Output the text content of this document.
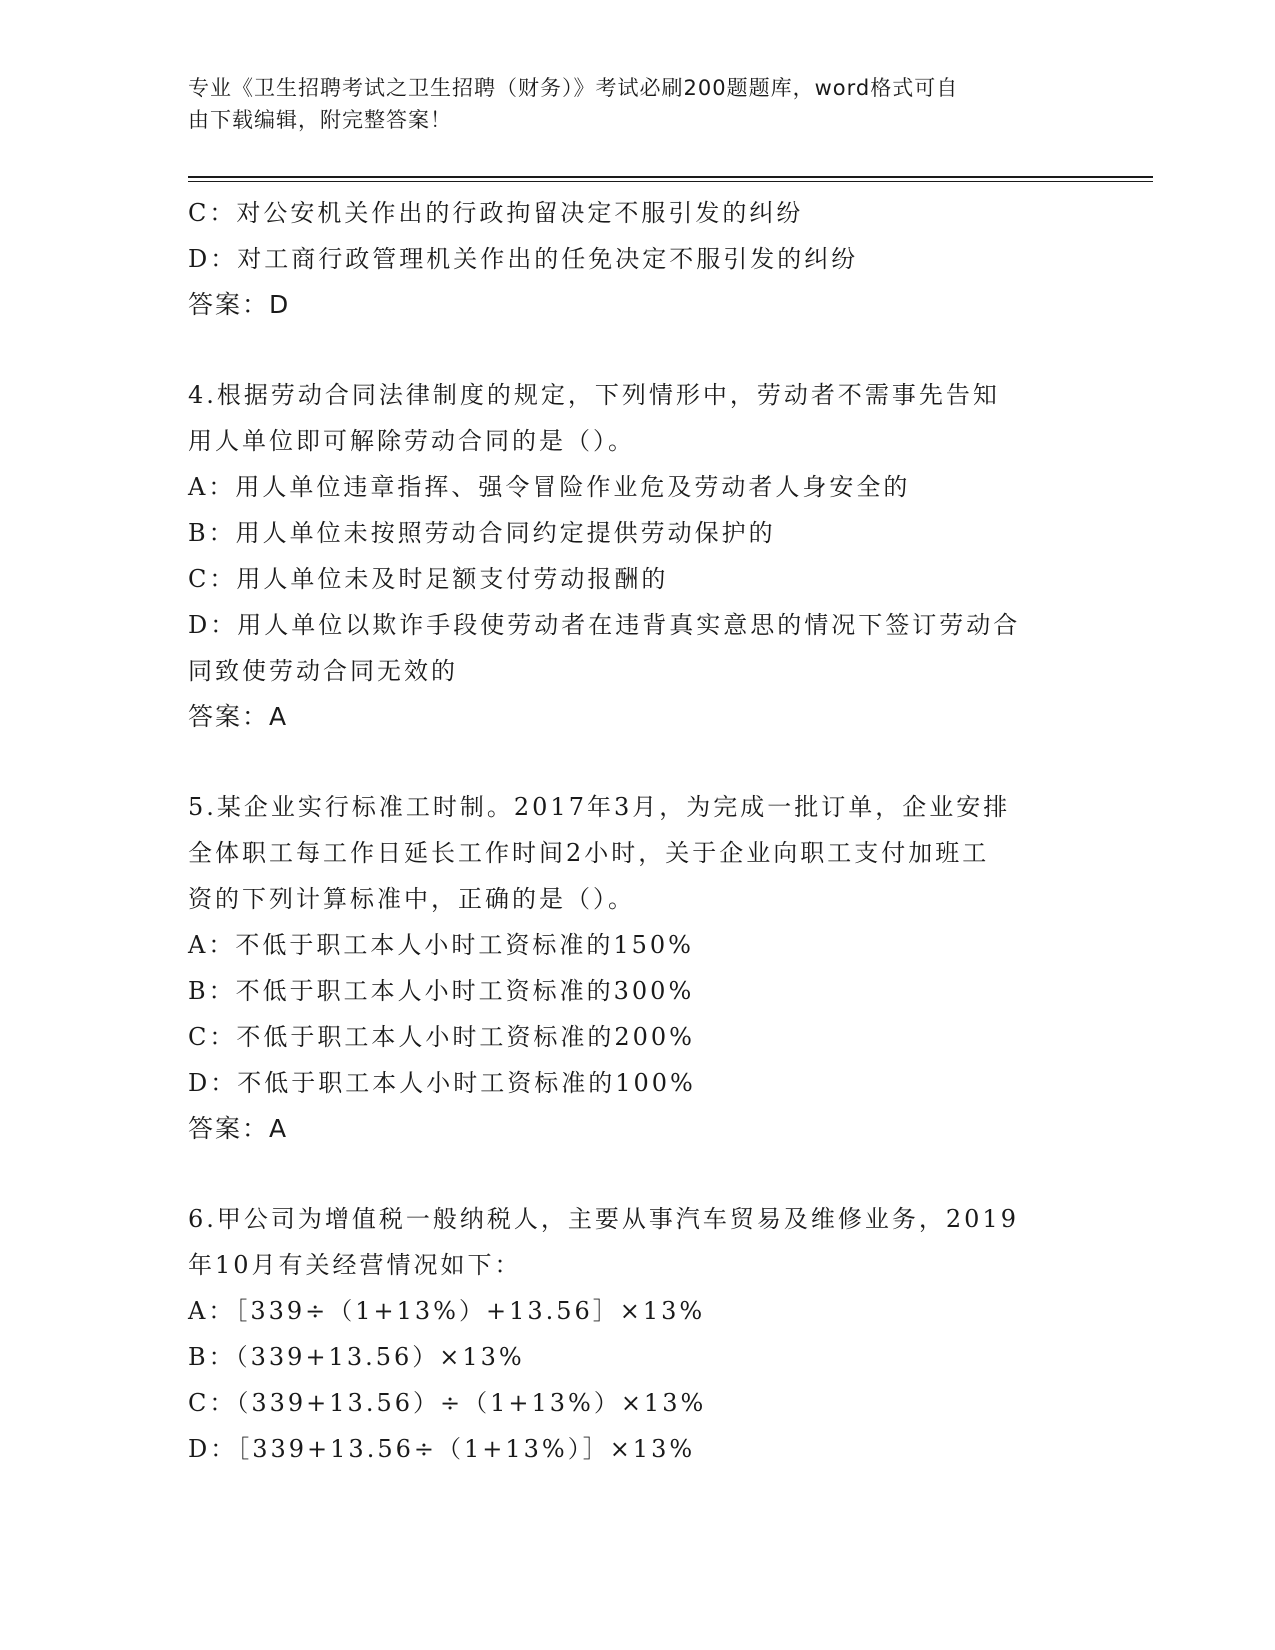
专业《卫生招聘考试之卫生招聘（财务）》考试必刷200题题库，word格式可自
由下载编辑，附完整答案！
C：对公安机关作出的行政拘留决定不服引发的纠纷
D：对工商行政管理机关作出的任免决定不服引发的纠纷
答案：D
4.根据劳动合同法律制度的规定，下列情形中，劳动者不需事先告知
用人单位即可解除劳动合同的是（）。
A：用人单位违章指挥、强令冒险作业危及劳动者人身安全的
B：用人单位未按照劳动合同约定提供劳动保护的
C：用人单位未及时足额支付劳动报酬的
D：用人单位以欺诈手段使劳动者在违背真实意思的情况下签订劳动合
同致使劳动合同无效的
答案：A
5.某企业实行标准工时制。2017年3月，为完成一批订单，企业安排
全体职工每工作日延长工作时间2小时，关于企业向职工支付加班工
资的下列计算标准中，正确的是（）。
A：不低于职工本人小时工资标准的150%
B：不低于职工本人小时工资标准的300%
C：不低于职工本人小时工资标准的200%
D：不低于职工本人小时工资标准的100%
答案：A
6.甲公司为增值税一般纳税人，主要从事汽车贸易及维修业务，2019
年10月有关经营情况如下：
A：［339÷（1+13%）+13.56］×13%
B：（339+13.56）×13%
C：（339+13.56）÷（1+13%）×13%
D：［339+13.56÷（1+13%）］×13%
